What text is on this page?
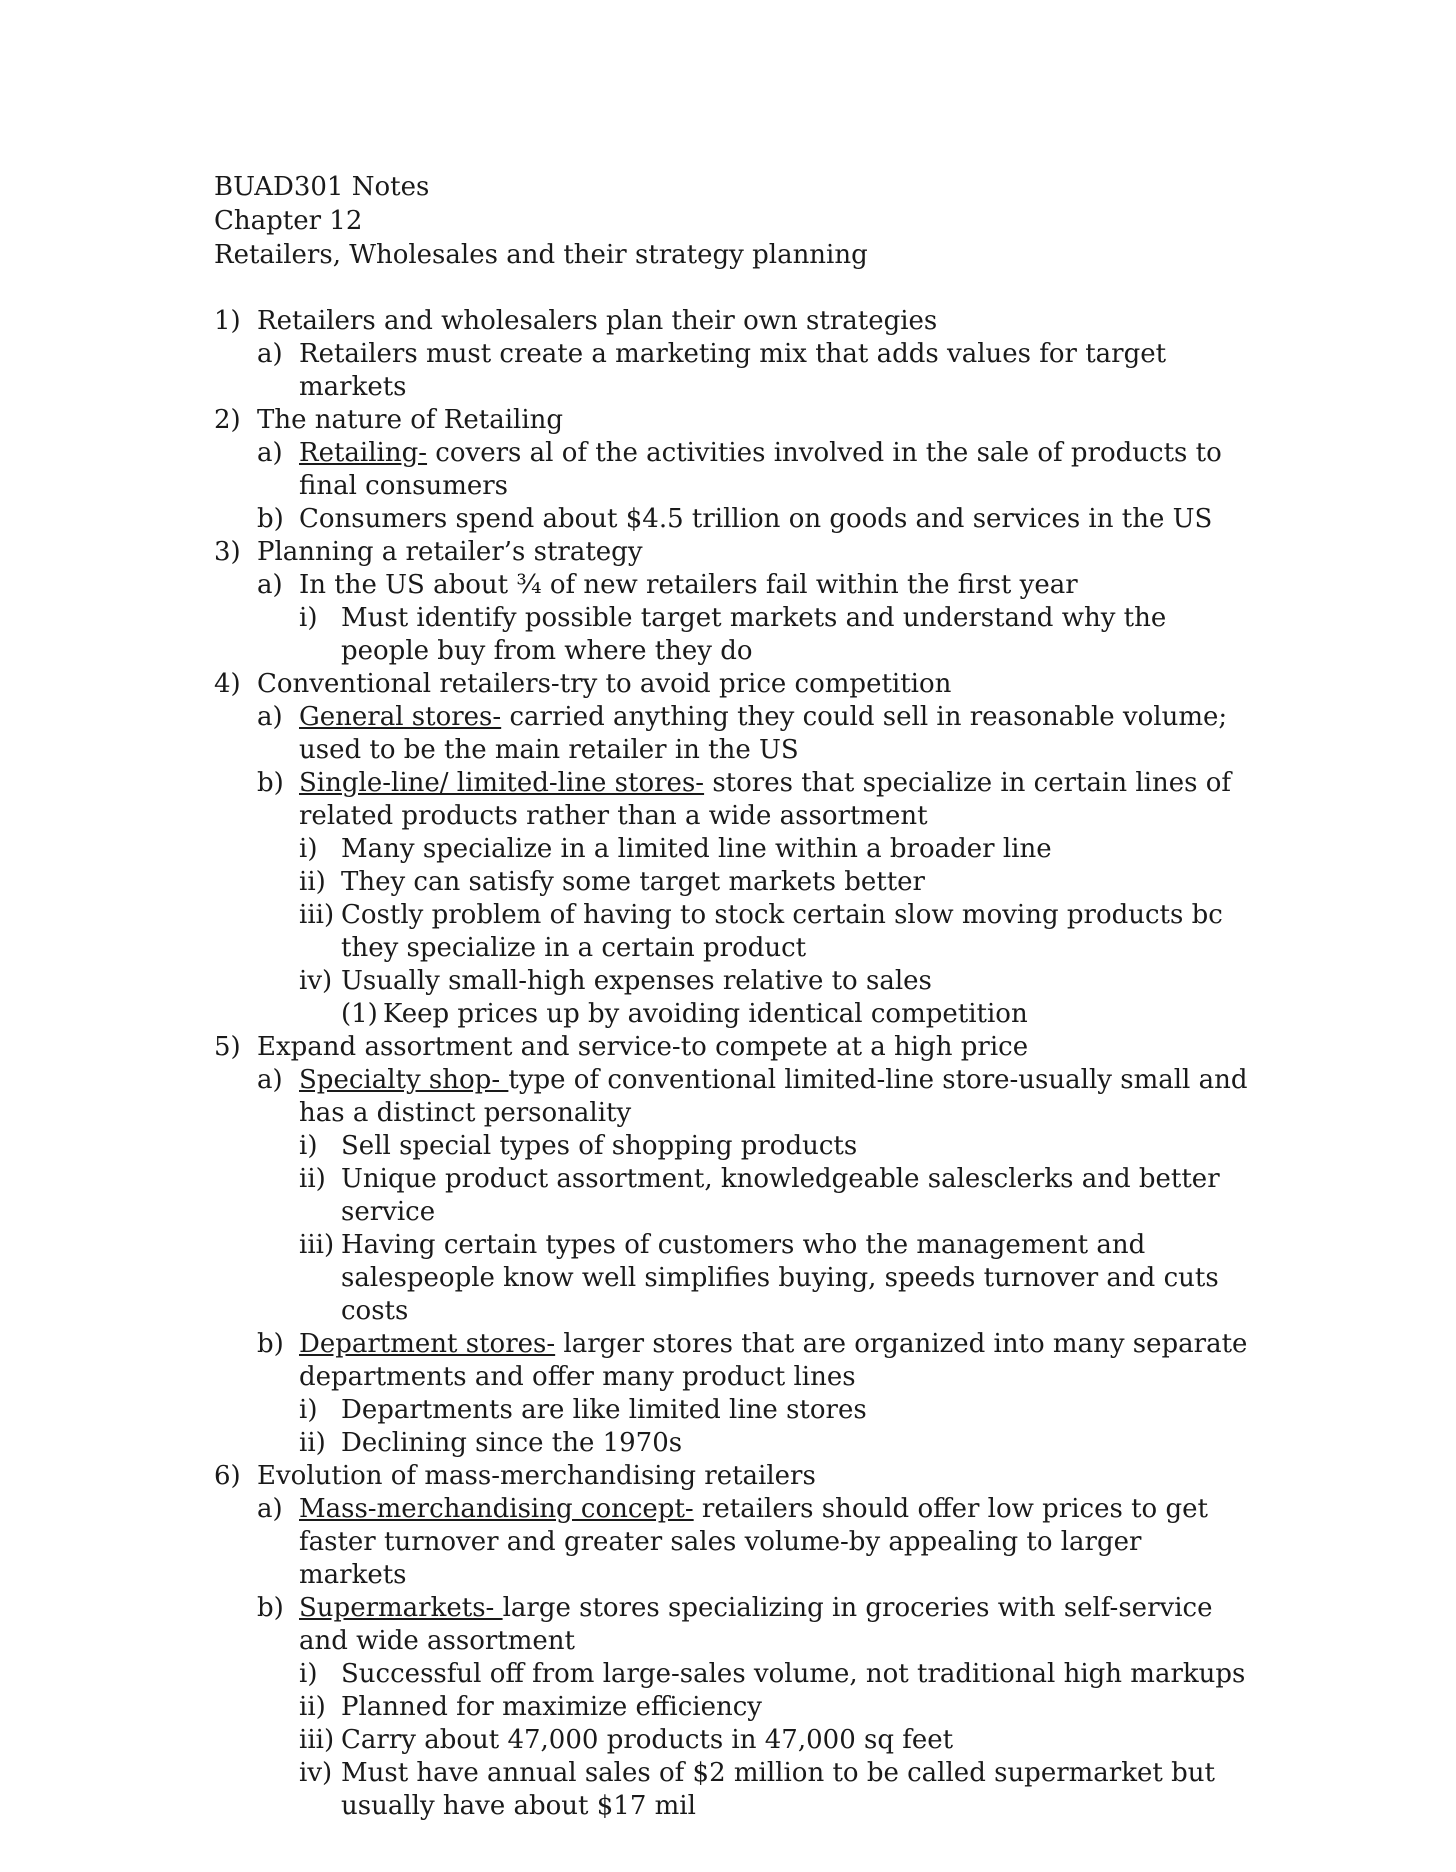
BUAD301 Notes
Chapter 12
Retailers, Wholesales and their strategy planning
1) Retailers and wholesalers plan their own strategies
a) Retailers must create a marketing mix that adds values for target markets
2) The nature of Retailing
a) Retailing- covers al of the activities involved in the sale of products to final consumers
b) Consumers spend about $4.5 trillion on goods and services in the US
3) Planning a retailer’s strategy
a) In the US about ¾ of new retailers fail within the first year
i) Must identify possible target markets and understand why the people buy from where they do
4) Conventional retailers-try to avoid price competition
a) General stores- carried anything they could sell in reasonable volume; used to be the main retailer in the US
b) Single-line/ limited-line stores- stores that specialize in certain lines of related products rather than a wide assortment
i) Many specialize in a limited line within a broader line
ii) They can satisfy some target markets better
iii) Costly problem of having to stock certain slow moving products bc they specialize in a certain product
iv) Usually small-high expenses relative to sales
(1) Keep prices up by avoiding identical competition
5) Expand assortment and service-to compete at a high price
a) Specialty shop- type of conventional limited-line store-usually small and has a distinct personality
i) Sell special types of shopping products
ii) Unique product assortment, knowledgeable salesclerks and better service
iii) Having certain types of customers who the management and salespeople know well simplifies buying, speeds turnover and cuts costs
b) Department stores- larger stores that are organized into many separate departments and offer many product lines
i) Departments are like limited line stores
ii) Declining since the 1970s
6) Evolution of mass-merchandising retailers
a) Mass-merchandising concept- retailers should offer low prices to get faster turnover and greater sales volume-by appealing to larger markets
b) Supermarkets- large stores specializing in groceries with self-service and wide assortment
i) Successful off from large-sales volume, not traditional high markups
ii) Planned for maximize efficiency
iii) Carry about 47,000 products in 47,000 sq feet
iv) Must have annual sales of $2 million to be called supermarket but usually have about $17 mil
